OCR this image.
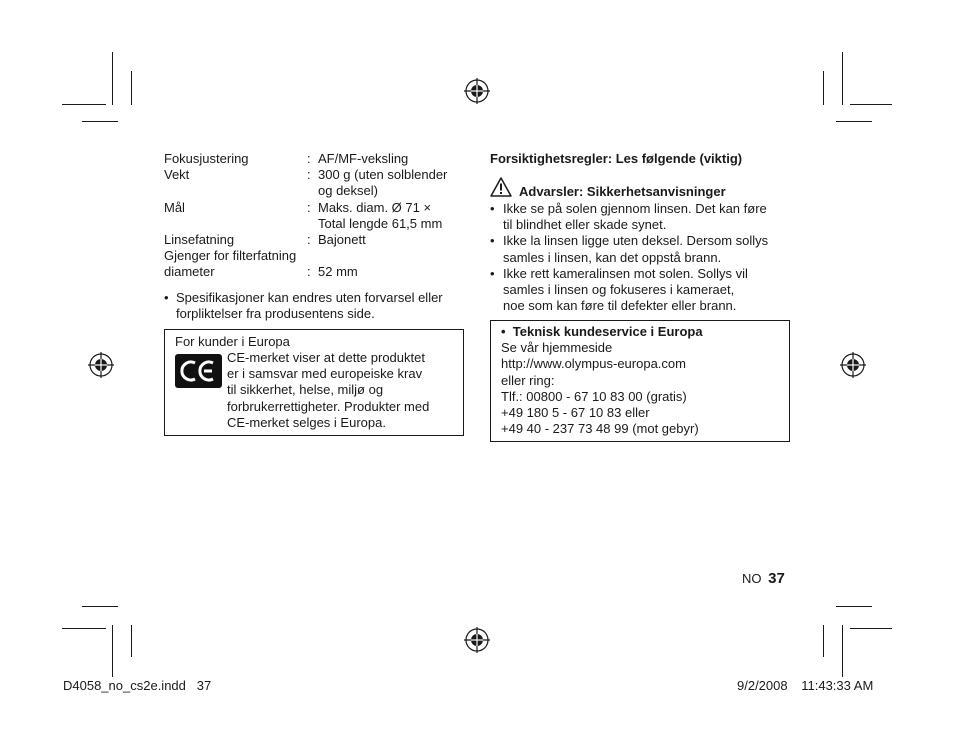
Fokusjustering	: AF/MF-veksling
Vekt	: 300 g (uten solblender
og deksel)
Mål	: Maks. diam. Ø 71 ×
Total lengde 61,5 mm
Linsefatning	: Bajonett
Gjenger for filterfatning
diameter	: 52 mm
• Spesifikasjoner kan endres uten forvarsel eller
forpliktelser fra produsentens side.
For kunder i Europa
CE-merket viser at dette produktet
er i samsvar med europeiske krav
til sikkerhet, helse, miljø og
forbrukerrettigheter. Produkter med
CE-merket selges i Europa.
Forsiktighetsregler: Les følgende (viktig)
Advarsler: Sikkerhetsanvisninger
• Ikke se på solen gjennom linsen. Det kan føre
til blindhet eller skade synet.
• Ikke la linsen ligge uten deksel. Dersom sollys
samles i linsen, kan det oppstå brann.
• Ikke rett kameralinsen mot solen. Sollys vil
samles i linsen og fokuseres i kameraet,
noe som kan føre til defekter eller brann.
•  Teknisk kundeservice i Europa
Se vår hjemmeside
http://www.olympus-europa.com
eller ring:
Tlf.: 00800 - 67 10 83 00 (gratis)
+49 180 5 - 67 10 83 eller
+49 40 - 237 73 48 99 (mot gebyr)
NO 37
D4058_no_cs2e.indd   37	9/2/2008 11:43:33 AM
